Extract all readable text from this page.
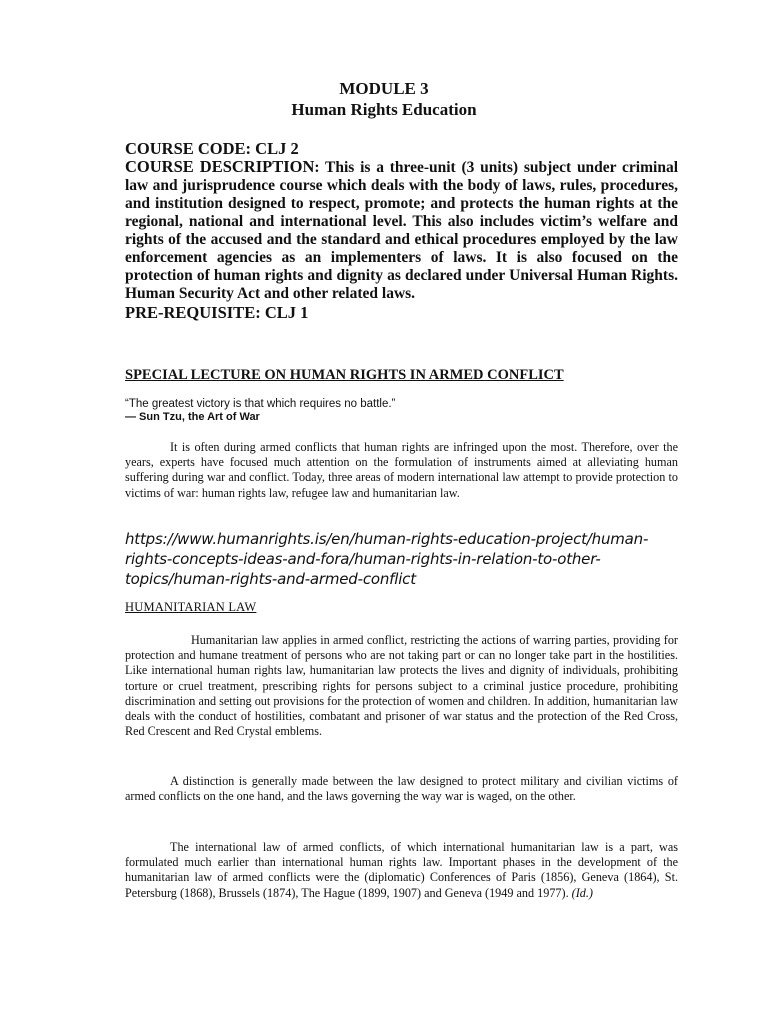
MODULE 3
Human Rights Education

COURSE CODE: CLJ 2

COURSE DESCRIPTION: This is a three-unit (3 units) subject under criminal law and jurisprudence course which deals with the body of laws, rules, procedures, and institution designed to respect, promote; and protects the human rights at the regional, national and international level. This also includes victim’s welfare and rights of the accused and the standard and ethical procedures employed by the law enforcement agencies as an implementers of laws. It is also focused on the protection of human rights and dignity as declared under Universal Human Rights. Human Security Act and other related laws.

PRE-REQUISITE: CLJ 1

SPECIAL LECTURE ON HUMAN RIGHTS IN ARMED CONFLICT
“The greatest victory is that which requires no battle.”
— Sun Tzu, the Art of War

It is often during armed conflicts that human rights are infringed upon the most. Therefore, over the years, experts have focused much attention on the formulation of instruments aimed at alleviating human suffering during war and conflict. Today, three areas of modern international law attempt to provide protection to victims of war: human rights law, refugee law and humanitarian law.

https://www.humanrights.is/en/human-rights-education-project/human-rights-concepts-ideas-and-fora/human-rights-in-relation-to-other-topics/human-rights-and-armed-conflict
HUMANITARIAN LAW

Humanitarian law applies in armed conflict, restricting the actions of warring parties, providing for protection and humane treatment of persons who are not taking part or can no longer take part in the hostilities. Like international human rights law, humanitarian law protects the lives and dignity of individuals, prohibiting torture or cruel treatment, prescribing rights for persons subject to a criminal justice procedure, prohibiting discrimination and setting out provisions for the protection of women and children. In addition, humanitarian law deals with the conduct of hostilities, combatant and prisoner of war status and the protection of the Red Cross, Red Crescent and Red Crystal emblems.

A distinction is generally made between the law designed to protect military and civilian victims of armed conflicts on the one hand, and the laws governing the way war is waged, on the other.

The international law of armed conflicts, of which international humanitarian law is a part, was formulated much earlier than international human rights law. Important phases in the development of the humanitarian law of armed conflicts were the (diplomatic) Conferences of Paris (1856), Geneva (1864), St. Petersburg (1868), Brussels (1874), The Hague (1899, 1907) and Geneva (1949 and 1977). (Id.)
